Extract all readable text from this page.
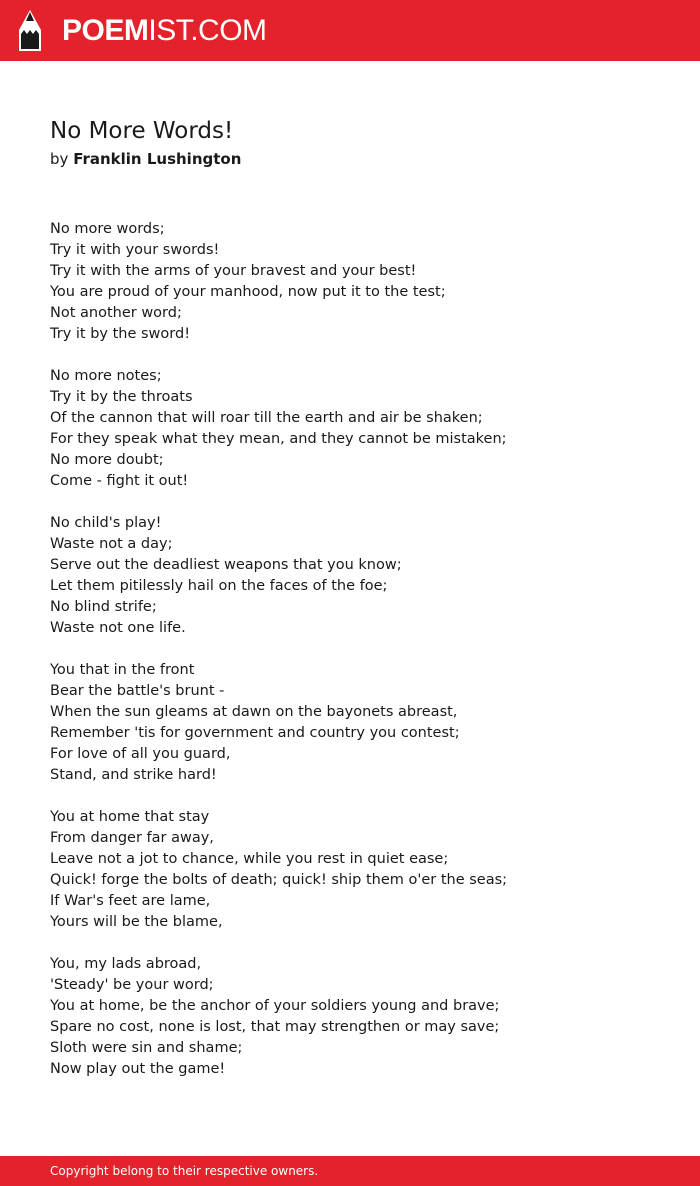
POEMIST.COM
No More Words!
by Franklin Lushington
No more words;
Try it with your swords!
Try it with the arms of your bravest and your best!
You are proud of your manhood, now put it to the test;
Not another word;
Try it by the sword!
No more notes;
Try it by the throats
Of the cannon that will roar till the earth and air be shaken;
For they speak what they mean, and they cannot be mistaken;
No more doubt;
Come - fight it out!
No child's play!
Waste not a day;
Serve out the deadliest weapons that you know;
Let them pitilessly hail on the faces of the foe;
No blind strife;
Waste not one life.
You that in the front
Bear the battle's brunt -
When the sun gleams at dawn on the bayonets abreast,
Remember 'tis for government and country you contest;
For love of all you guard,
Stand, and strike hard!
You at home that stay
From danger far away,
Leave not a jot to chance, while you rest in quiet ease;
Quick! forge the bolts of death; quick! ship them o'er the seas;
If War's feet are lame,
Yours will be the blame,
You, my lads abroad,
'Steady' be your word;
You at home, be the anchor of your soldiers young and brave;
Spare no cost, none is lost, that may strengthen or may save;
Sloth were sin and shame;
Now play out the game!
Copyright belong to their respective owners.
